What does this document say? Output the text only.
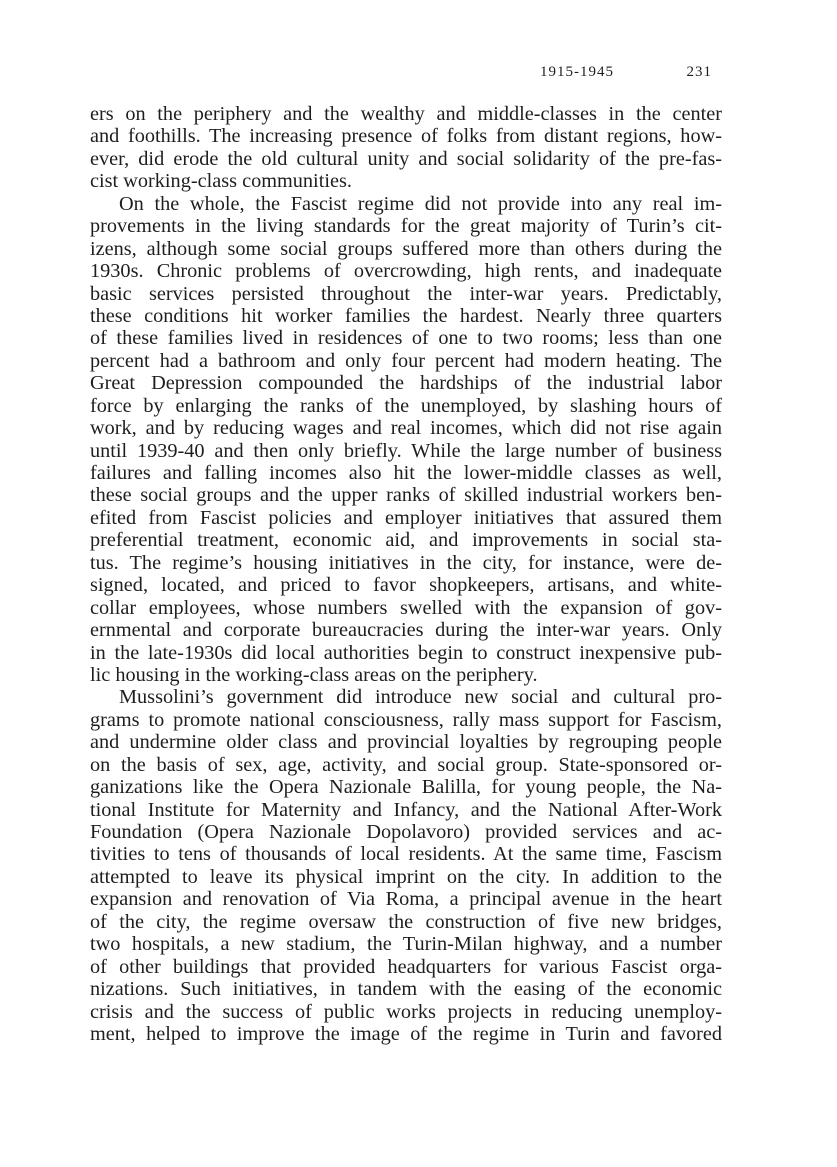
1915-1945	231
ers on the periphery and the wealthy and middle-classes in the center
and foothills. The increasing presence of folks from distant regions, how-
ever, did erode the old cultural unity and social solidarity of the pre-fas-
cist working-class communities.
On the whole, the Fascist regime did not provide into any real im-
provements in the living standards for the great majority of Turin’s cit-
izens, although some social groups suffered more than others during the
1930s. Chronic problems of overcrowding, high rents, and inadequate
basic services persisted throughout the inter-war years. Predictably,
these conditions hit worker families the hardest. Nearly three quarters
of these families lived in residences of one to two rooms; less than one
percent had a bathroom and only four percent had modern heating. The
Great Depression compounded the hardships of the industrial labor
force by enlarging the ranks of the unemployed, by slashing hours of
work, and by reducing wages and real incomes, which did not rise again
until 1939-40 and then only briefly. While the large number of business
failures and falling incomes also hit the lower-middle classes as well,
these social groups and the upper ranks of skilled industrial workers ben-
efited from Fascist policies and employer initiatives that assured them
preferential treatment, economic aid, and improvements in social sta-
tus. The regime’s housing initiatives in the city, for instance, were de-
signed, located, and priced to favor shopkeepers, artisans, and white-
collar employees, whose numbers swelled with the expansion of gov-
ernmental and corporate bureaucracies during the inter-war years. Only
in the late-1930s did local authorities begin to construct inexpensive pub-
lic housing in the working-class areas on the periphery.
Mussolini’s government did introduce new social and cultural pro-
grams to promote national consciousness, rally mass support for Fascism,
and undermine older class and provincial loyalties by regrouping people
on the basis of sex, age, activity, and social group. State-sponsored or-
ganizations like the Opera Nazionale Balilla, for young people, the Na-
tional Institute for Maternity and Infancy, and the National After-Work
Foundation (Opera Nazionale Dopolavoro) provided services and ac-
tivities to tens of thousands of local residents. At the same time, Fascism
attempted to leave its physical imprint on the city. In addition to the
expansion and renovation of Via Roma, a principal avenue in the heart
of the city, the regime oversaw the construction of five new bridges,
two hospitals, a new stadium, the Turin-Milan highway, and a number
of other buildings that provided headquarters for various Fascist orga-
nizations. Such initiatives, in tandem with the easing of the economic
crisis and the success of public works projects in reducing unemploy-
ment, helped to improve the image of the regime in Turin and favored
